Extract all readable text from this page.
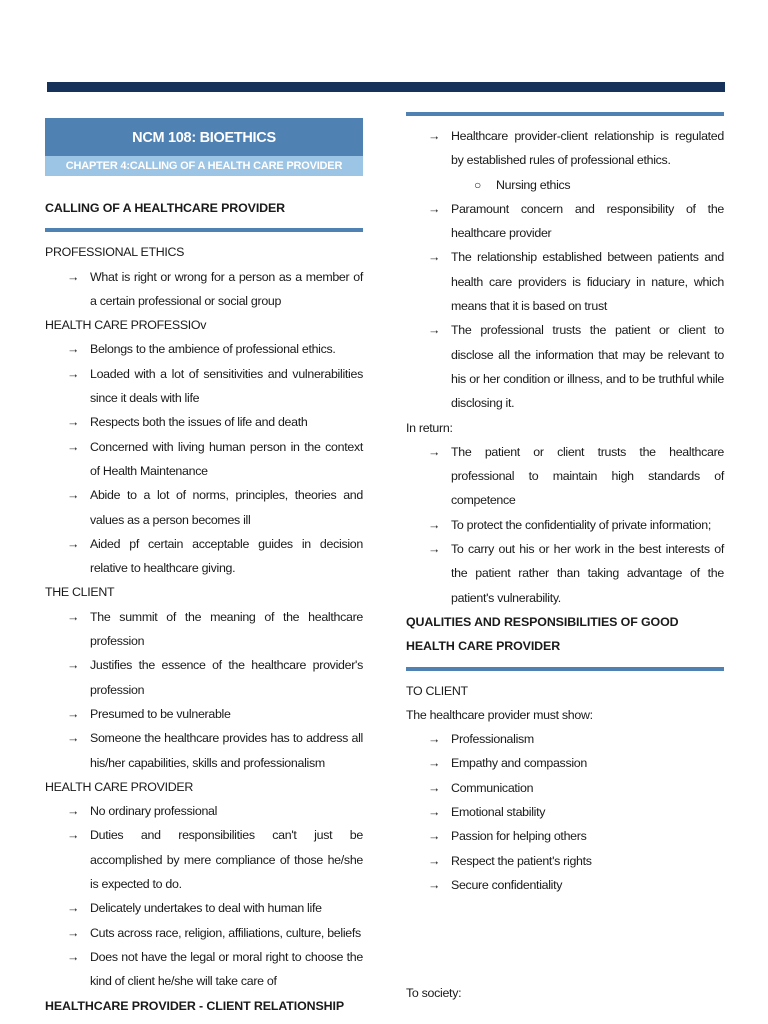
NCM 108: BIOETHICS
CHAPTER 4:CALLING OF A HEALTH CARE PROVIDER
CALLING OF A HEALTHCARE PROVIDER
PROFESSIONAL ETHICS
→ What is right or wrong for a person as a member of a certain professional or social group
HEALTH CARE PROFESSIOv
→ Belongs to the ambience of professional ethics.
→ Loaded with a lot of sensitivities and vulnerabilities since it deals with life
→ Respects both the issues of life and death
→ Concerned with living human person in the context of Health Maintenance
→ Abide to a lot of norms, principles, theories and values as a person becomes ill
→ Aided pf certain acceptable guides in decision relative to healthcare giving.
THE CLIENT
→ The summit of the meaning of the healthcare profession
→ Justifies the essence of the healthcare provider's profession
→ Presumed to be vulnerable
→ Someone the healthcare provides has to address all his/her capabilities, skills and professionalism
HEALTH CARE PROVIDER
→ No ordinary professional
→ Duties and responsibilities can't just be accomplished by mere compliance of those he/she is expected to do.
→ Delicately undertakes to deal with human life
→ Cuts across race, religion, affiliations, culture, beliefs
→ Does not have the legal or moral right to choose the kind of client he/she will take care of
HEALTHCARE PROVIDER - CLIENT RELATIONSHIP
→ Healthcare provider-client relationship is regulated by established rules of professional ethics.
○	Nursing ethics
→ Paramount concern and responsibility of the healthcare provider
→ The relationship established between patients and health care providers is fiduciary in nature, which means that it is based on trust
→ The professional trusts the patient or client to disclose all the information that may be relevant to his or her condition or illness, and to be truthful while disclosing it.
In return:
→ The patient or client trusts the healthcare professional to maintain high standards of competence
→ To protect the confidentiality of private information;
→ To carry out his or her work in the best interests of the patient rather than taking advantage of the patient's vulnerability.
QUALITIES AND RESPONSIBILITIES OF GOOD HEALTH CARE PROVIDER
TO CLIENT
The healthcare provider must show:
→ Professionalism
→ Empathy and compassion
→ Communication
→ Emotional stability
→ Passion for helping others
→ Respect the patient's rights
→ Secure confidentiality
To society:
